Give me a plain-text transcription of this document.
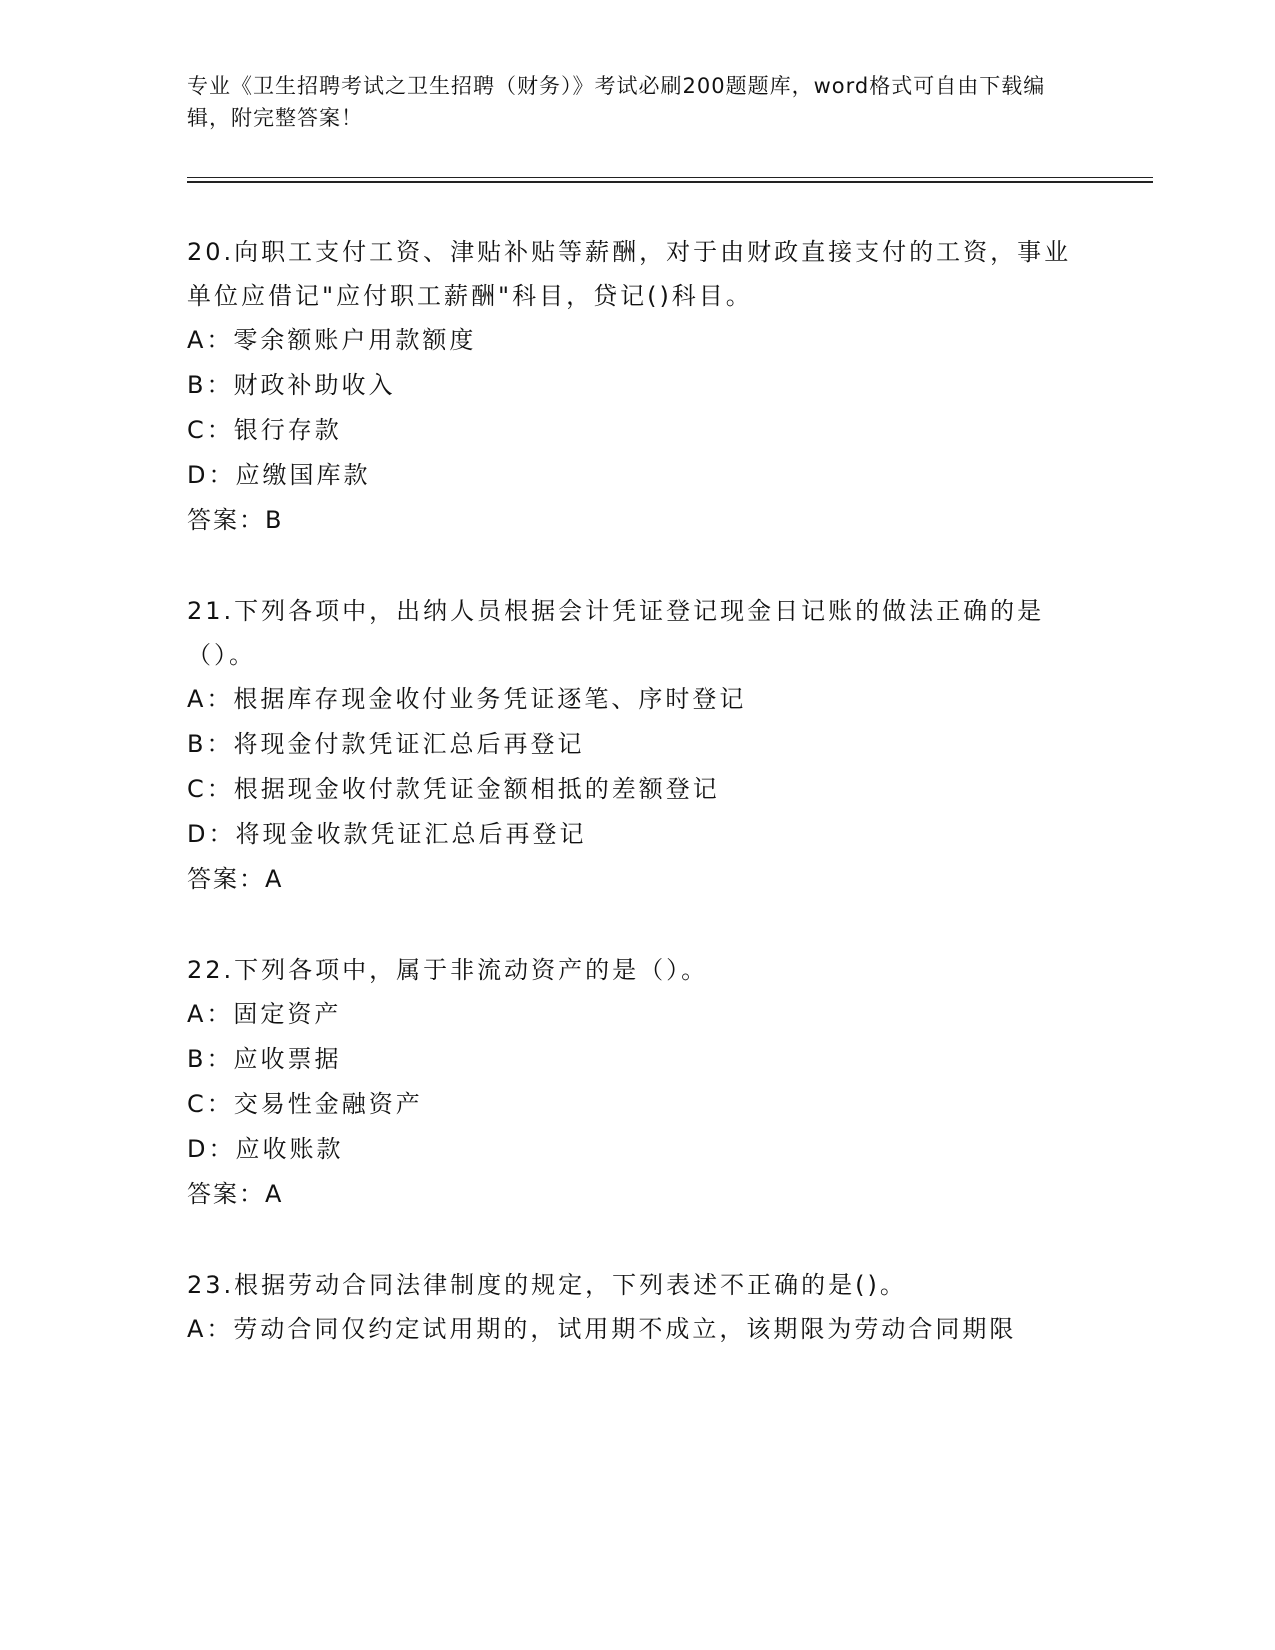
专业《卫生招聘考试之卫生招聘（财务）》考试必刷200题题库，word格式可自由下载编辑，附完整答案！

20.向职工支付工资、津贴补贴等薪酬，对于由财政直接支付的工资，事业单位应借记"应付职工薪酬"科目，贷记()科目。

A：零余额账户用款额度

B：财政补助收入

C：银行存款

D：应缴国库款

答案：B

21.下列各项中，出纳人员根据会计凭证登记现金日记账的做法正确的是（）。

A：根据库存现金收付业务凭证逐笔、序时登记

B：将现金付款凭证汇总后再登记

C：根据现金收付款凭证金额相抵的差额登记

D：将现金收款凭证汇总后再登记

答案：A

22.下列各项中，属于非流动资产的是（）。

A：固定资产

B：应收票据

C：交易性金融资产

D：应收账款

答案：A

23.根据劳动合同法律制度的规定，下列表述不正确的是()。

A：劳动合同仅约定试用期的，试用期不成立，该期限为劳动合同期限
